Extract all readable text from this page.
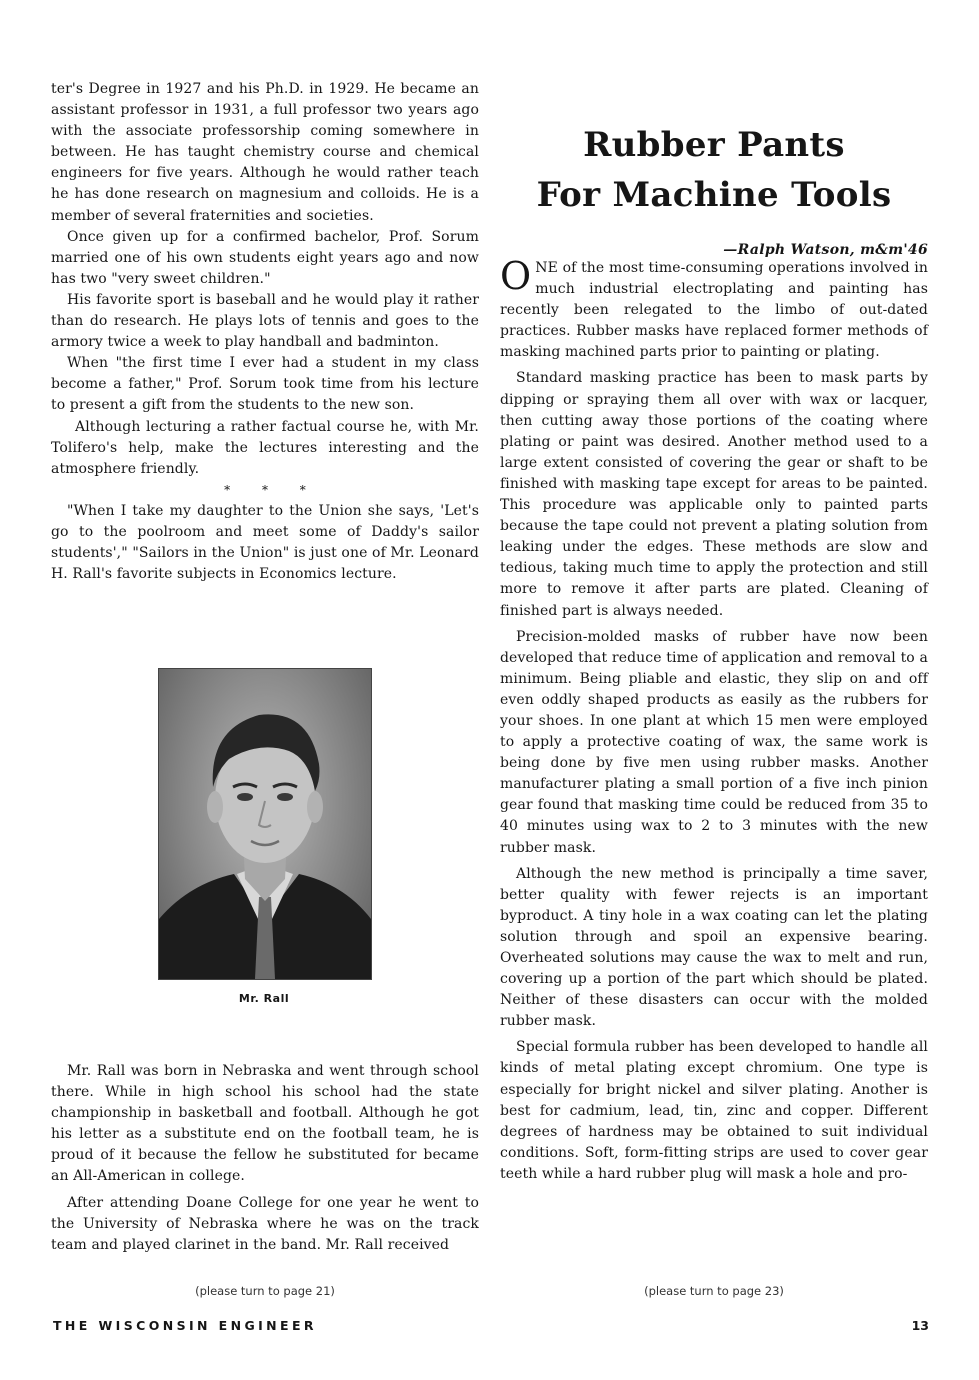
ter's Degree in 1927 and his Ph.D. in 1929. He became an assistant professor in 1931, a full professor two years ago with the associate professorship coming somewhere in between. He has taught chemistry course and chemical engineers for five years. Although he would rather teach he has done research on magnesium and colloids. He is a member of several fraternities and societies.

Once given up for a confirmed bachelor, Prof. Sorum married one of his own students eight years ago and now has two "very sweet children."

His favorite sport is baseball and he would play it rather than do research. He plays lots of tennis and goes to the armory twice a week to play handball and badminton.

When "the first time I ever had a student in my class become a father," Prof. Sorum took time from his lecture to present a gift from the students to the new son.

Although lecturing a rather factual course he, with Mr. Tolifero's help, make the lectures interesting and the atmosphere friendly.

* * *

"When I take my daughter to the Union she says, 'Let's go to the poolroom and meet some of Daddy's sailor students'," "Sailors in the Union" is just one of Mr. Leonard H. Rall's favorite subjects in Economics lecture.

Mr. Rall

Mr. Rall was born in Nebraska and went through school there. While in high school his school had the state championship in basketball and football. Although he got his letter as a substitute end on the football team, he is proud of it because the fellow he substituted for became an All-American in college.

After attending Doane College for one year he went to the University of Nebraska where he was on the track team and played clarinet in the band. Mr. Rall received

(please turn to page 21)
Rubber Pants
For Machine Tools
—Ralph Watson, m&m'46

ONE of the most time-consuming operations involved in much industrial electroplating and painting has recently been relegated to the limbo of out-dated practices. Rubber masks have replaced former methods of masking machined parts prior to painting or plating.

Standard masking practice has been to mask parts by dipping or spraying them all over with wax or lacquer, then cutting away those portions of the coating where plating or paint was desired. Another method used to a large extent consisted of covering the gear or shaft to be finished with masking tape except for areas to be painted. This procedure was applicable only to painted parts because the tape could not prevent a plating solution from leaking under the edges. These methods are slow and tedious, taking much time to apply the protection and still more to remove it after parts are plated. Cleaning of finished part is always needed.

Precision-molded masks of rubber have now been developed that reduce time of application and removal to a minimum. Being pliable and elastic, they slip on and off even oddly shaped products as easily as the rubbers for your shoes. In one plant at which 15 men were employed to apply a protective coating of wax, the same work is being done by five men using rubber masks. Another manufacturer plating a small portion of a five inch pinion gear found that masking time could be reduced from 35 to 40 minutes using wax to 2 to 3 minutes with the new rubber mask.

Although the new method is principally a time saver, better quality with fewer rejects is an important byproduct. A tiny hole in a wax coating can let the plating solution through and spoil an expensive bearing. Overheated solutions may cause the wax to melt and run, covering up a portion of the part which should be plated. Neither of these disasters can occur with the molded rubber mask.

Special formula rubber has been developed to handle all kinds of metal plating except chromium. One type is especially for bright nickel and silver plating. Another is best for cadmium, lead, tin, zinc and copper. Different degrees of hardness may be obtained to suit individual conditions. Soft, form-fitting strips are used to cover gear teeth while a hard rubber plug will mask a hole and pro-

(please turn to page 23)
THE WISCONSIN ENGINEER	13
